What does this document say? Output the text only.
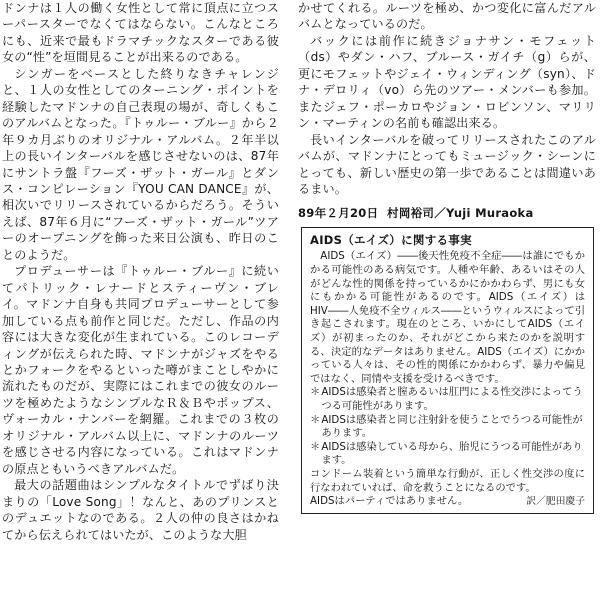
ドンナは１人の働く女性として常に頂点に立つスーパースターでなくてはならない。こんなところにも、近来で最もドラマチックなスターである彼女の“性”を垣間見ることが出来るのである。

シンガーをベースとした終りなきチャレンジと、１人の女性としてのターニング・ポイントを経験したマドンナの自己表現の場が、奇しくもこのアルバムとなった。『トゥルー・ブルー』から２年９カ月ぶりのオリジナル・アルバム。２年半以上の長いインターバルを感じさせないのは、87年にサントラ盤『フーズ・ザット・ガール』とダンス・コンピレーション『YOU CAN DANCE』が、相次いでリリースされているからだろう。そういえば、87年６月に“フーズ・ザット・ガール”ツアーのオープニングを飾った来日公演も、昨日のことのようだ。

プロデューサーは『トゥルー・ブルー』に続いてパトリック・レナードとスティーヴン・ブレイ。マドンナ自身も共同プロデューサーとして参加している点も前作と同じだ。ただし、作品の内容には大きな変化が生まれている。このレコーディングが伝えられた時、マドンナがジャズをやるとかフォークをやるといった噂がまことしやかに流れたものだが、実際にはこれまでの彼女のルーツを極めたようなシンプルなＲ＆Ｂやポップス、ヴォーカル・ナンバーを網羅。これまでの３枚のオリジナル・アルバム以上に、マドンナのルーツを感じさせる内容になっている。これはマドンナの原点ともいうべきアルバムだ。

最大の話題曲はシンプルなタイトルでずばり決まりの「Love Song」！なんと、あのプリンスとのデュエットなのである。２人の仲の良さはかねてから伝えられてはいたが、このような大胆

かせてくれる。ルーツを極め、かつ変化に富んだアルバムとなっているのだ。

バックには前作に続きジョナサン・モフェット（ds）やダン・ハフ、ブルース・ガイチ（g）らが、更にモフェットやジェイ・ウィンディング（syn）、ドナ・デロリィ（vo）ら先のツアー・メンバーも参加。またジェフ・ポーカロやジョン・ロビンソン、マリリン・マーティンの名前も確認出来る。

長いインターバルを破ってリリースされたこのアルバムが、マドンナにとってもミュージック・シーンにとっても、新しい歴史の第一歩であることは間違いあるまい。

89年２月20日 村岡裕司／Yuji Muraoka
AIDS（エイズ）に関する事実

AIDS（エイズ）――後天性免疫不全症――は誰にでもかかる可能性のある病気です。人種や年齢、あるいはその人がどんな性的関係を持っているかにかかわらず、男にも女にもかかる可能性があるのです。AIDS（エイズ）はHIV――人免疫不全ウィルス――というウィルスによって引き起こされます。現在のところ、いかにしてAIDS（エイズ）が初まったのか、それがどこから来たのかを説明する、決定的なデータはありません。AIDS（エイズ）にかかっている人々は、その性的関係にかかわらず、暴力や偏見ではなく、同情や支援を受けるべきです。

＊ AIDSは感染者と膣あるいは肛門による性交渉によってうつる可能性があります。
＊ AIDSは感染者と同じ注射針を使うことでうつる可能性があります。
＊ AIDSは感染している母から、胎児にうつる可能性があります。

コンドーム装着という簡単な行動が、正しく性交渉の度に行なわれていれば、命を救うことになるのです。

AIDSはパーティではありません。	訳／肥田慶子
